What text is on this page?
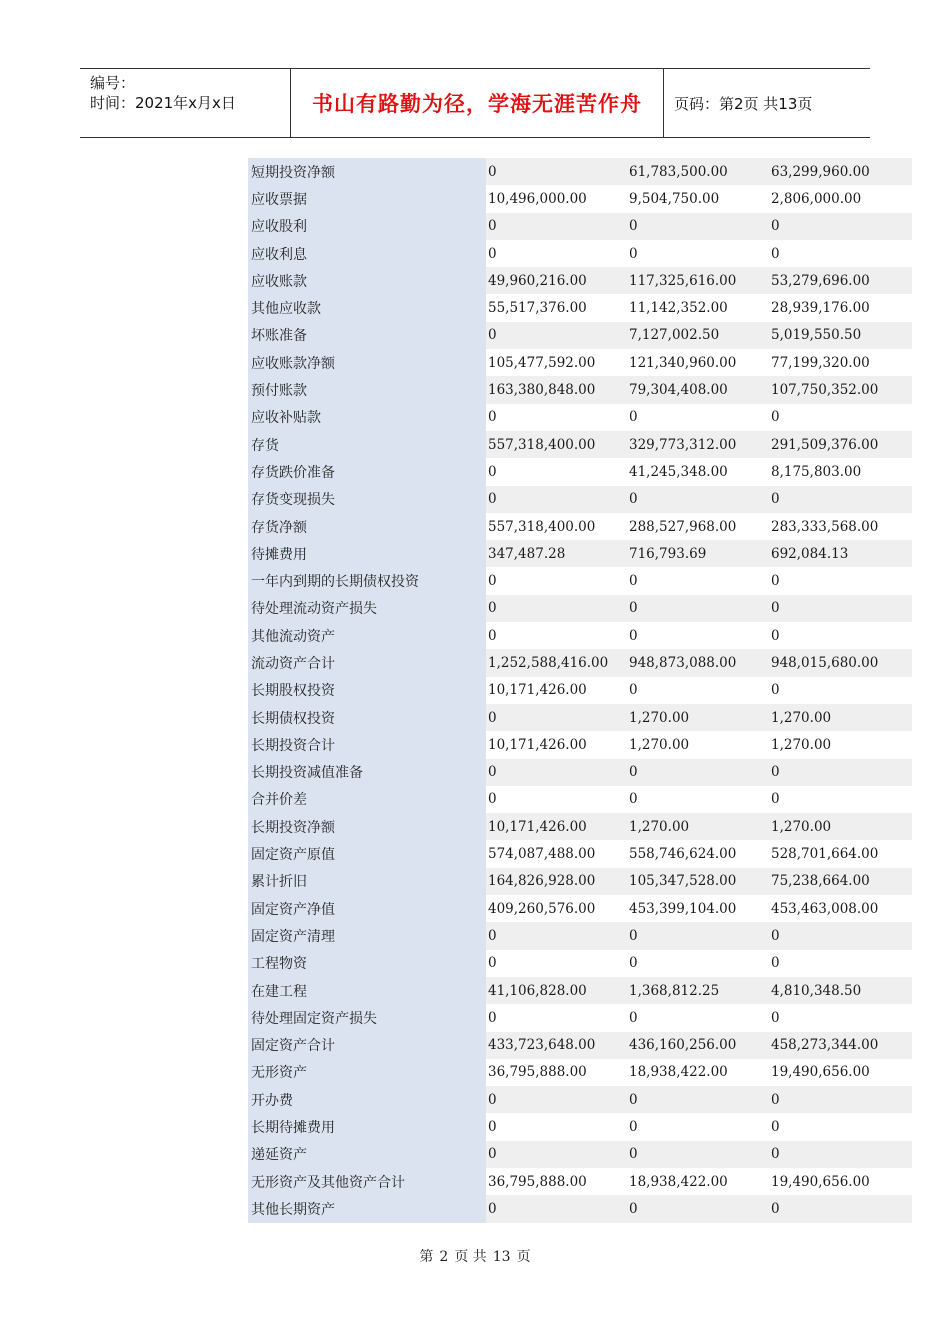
编号：
时间：2021年x月x日	书山有路勤为径，学海无涯苦作舟	页码：第2页 共13页
短期投资净额	0	61,783,500.00	63,299,960.00
应收票据	10,496,000.00	9,504,750.00	2,806,000.00
应收股利	0	0	0
应收利息	0	0	0
应收账款	49,960,216.00	117,325,616.00	53,279,696.00
其他应收款	55,517,376.00	11,142,352.00	28,939,176.00
坏账准备	0	7,127,002.50	5,019,550.50
应收账款净额	105,477,592.00	121,340,960.00	77,199,320.00
预付账款	163,380,848.00	79,304,408.00	107,750,352.00
应收补贴款	0	0	0
存货	557,318,400.00	329,773,312.00	291,509,376.00
存货跌价准备	0	41,245,348.00	8,175,803.00
存货变现损失	0	0	0
存货净额	557,318,400.00	288,527,968.00	283,333,568.00
待摊费用	347,487.28	716,793.69	692,084.13
一年内到期的长期债权投资	0	0	0
待处理流动资产损失	0	0	0
其他流动资产	0	0	0
流动资产合计	1,252,588,416.00	948,873,088.00	948,015,680.00
长期股权投资	10,171,426.00	0	0
长期债权投资	0	1,270.00	1,270.00
长期投资合计	10,171,426.00	1,270.00	1,270.00
长期投资减值准备	0	0	0
合并价差	0	0	0
长期投资净额	10,171,426.00	1,270.00	1,270.00
固定资产原值	574,087,488.00	558,746,624.00	528,701,664.00
累计折旧	164,826,928.00	105,347,528.00	75,238,664.00
固定资产净值	409,260,576.00	453,399,104.00	453,463,008.00
固定资产清理	0	0	0
工程物资	0	0	0
在建工程	41,106,828.00	1,368,812.25	4,810,348.50
待处理固定资产损失	0	0	0
固定资产合计	433,723,648.00	436,160,256.00	458,273,344.00
无形资产	36,795,888.00	18,938,422.00	19,490,656.00
开办费	0	0	0
长期待摊费用	0	0	0
递延资产	0	0	0
无形资产及其他资产合计	36,795,888.00	18,938,422.00	19,490,656.00
其他长期资产	0	0	0
第 2 页 共 13 页
